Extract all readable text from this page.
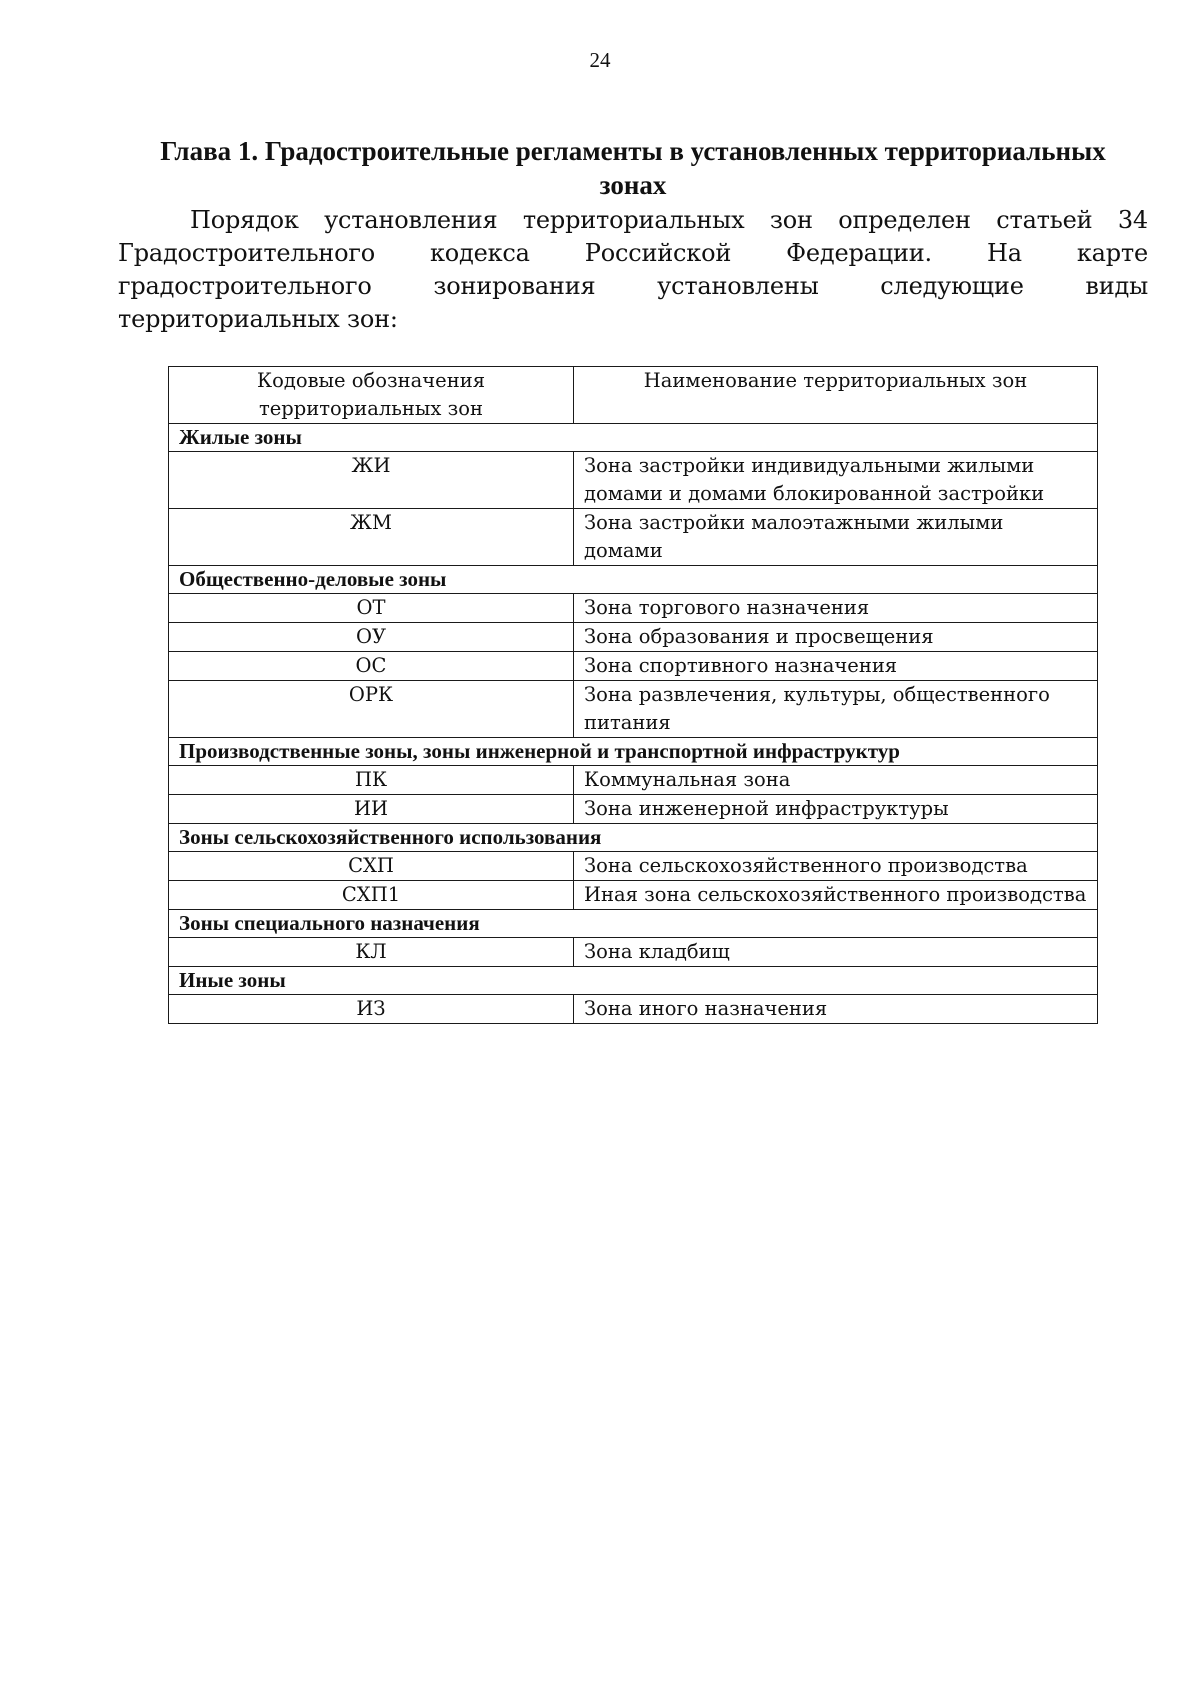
24
Глава 1. Градостроительные регламенты в установленных территориальных
зонах

Порядок установления территориальных зон определен статьей 34 Градостроительного кодекса Российской Федерации. На карте градостроительного зонирования установлены следующие виды территориальных зон:

Кодовые обозначения территориальных зон	Наименование территориальных зон
Жилые зоны	
ЖИ	Зона застройки индивидуальными жилыми домами и домами блокированной застройки
ЖМ	Зона застройки малоэтажными жилыми домами
Общественно-деловые зоны	
ОТ	Зона торгового назначения
ОУ	Зона образования и просвещения
ОС	Зона спортивного назначения
ОРК	Зона развлечения, культуры, общественного питания
Производственные зоны, зоны инженерной и транспортной инфраструктур	
ПК	Коммунальная зона
ИИ	Зона инженерной инфраструктуры
Зоны сельскохозяйственного использования	
СХП	Зона сельскохозяйственного производства
СХП1	Иная зона сельскохозяйственного производства
Зоны специального назначения	
КЛ	Зона кладбищ
Иные зоны	
ИЗ	Зона иного назначения
